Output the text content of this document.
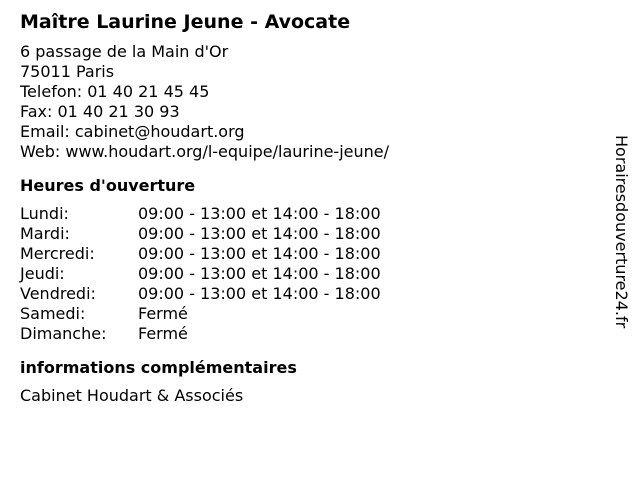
Maître Laurine Jeune - Avocate
6 passage de la Main d'Or
75011 Paris
Telefon: 01 40 21 45 45
Fax: 01 40 21 30 93
Email: cabinet@houdart.org
Web: www.houdart.org/l-equipe/laurine-jeune/
Heures d'ouverture
Lundi:	09:00 - 13:00 et 14:00 - 18:00
Mardi:	09:00 - 13:00 et 14:00 - 18:00
Mercredi:	09:00 - 13:00 et 14:00 - 18:00
Jeudi:	09:00 - 13:00 et 14:00 - 18:00
Vendredi:	09:00 - 13:00 et 14:00 - 18:00
Samedi:	Fermé
Dimanche:	Fermé
informations complémentaires
Cabinet Houdart & Associés
Horairesdouverture24.fr
